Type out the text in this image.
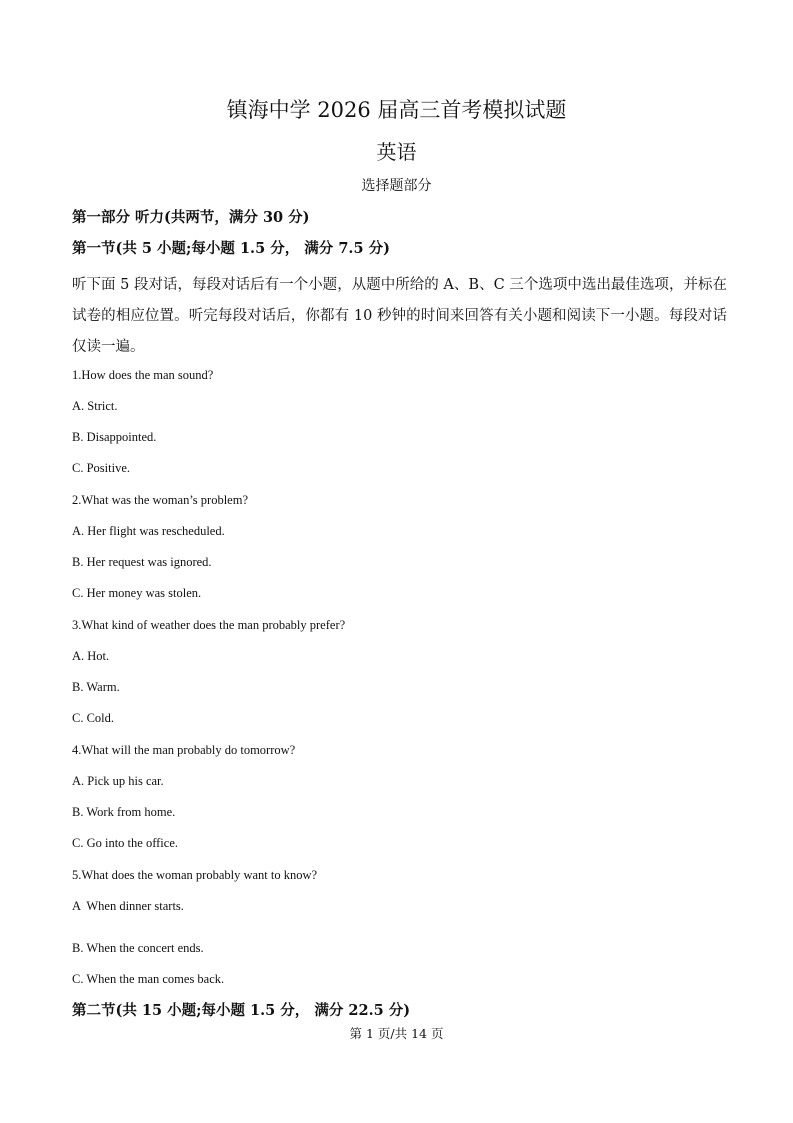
镇海中学 2026 届高三首考模拟试题
英语
选择题部分
第一部分 听力(共两节，满分 30 分)
第一节(共 5 小题;每小题 1.5 分， 满分 7.5 分)
听下面 5 段对话，每段对话后有一个小题，从题中所给的 A、B、C 三个选项中选出最佳选项，并标在试卷的相应位置。听完每段对话后，你都有 10 秒钟的时间来回答有关小题和阅读下一小题。每段对话仅读一遍。
1.How does the man sound?
A. Strict.
B. Disappointed.
C. Positive.
2.What was the woman’s problem?
A. Her flight was rescheduled.
B. Her request was ignored.
C. Her money was stolen.
3.What kind of weather does the man probably prefer?
A. Hot.
B. Warm.
C. Cold.
4.What will the man probably do tomorrow?
A. Pick up his car.
B. Work from home.
C. Go into the office.
5.What does the woman probably want to know?
A  When dinner starts.
B. When the concert ends.
C. When the man comes back.
第二节(共 15 小题;每小题 1.5 分， 满分 22.5 分)
第 1 页/共 14 页
